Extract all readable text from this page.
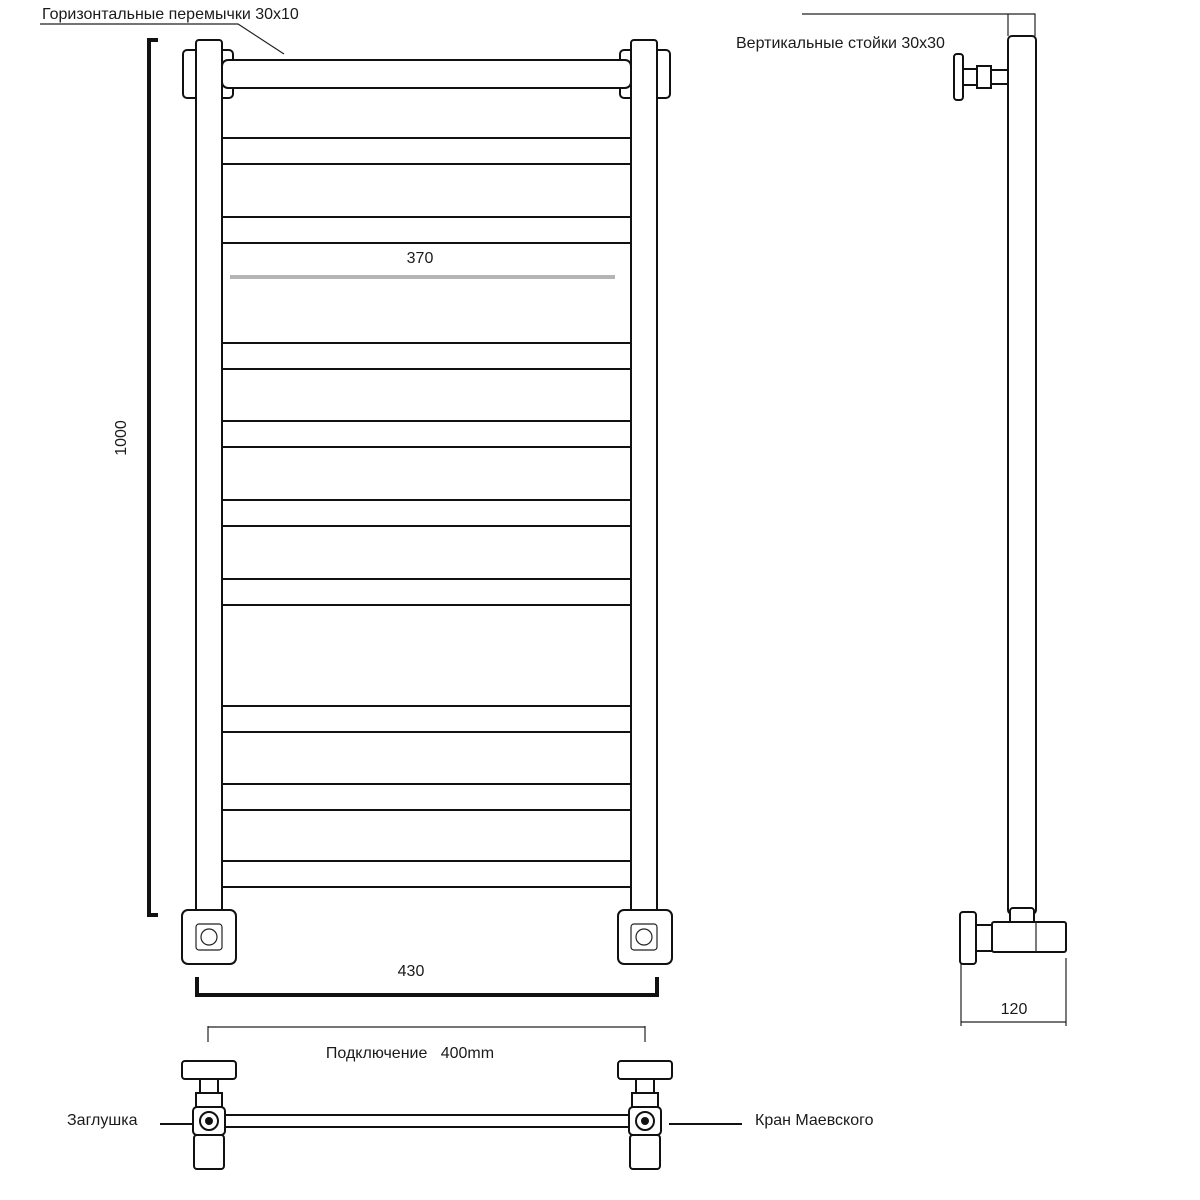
370
1000
430
Горизонтальные перемычки 30x10
Вертикальные стойки 30x30
120
Подключение   400mm
Заглушка	Кран Маевского
